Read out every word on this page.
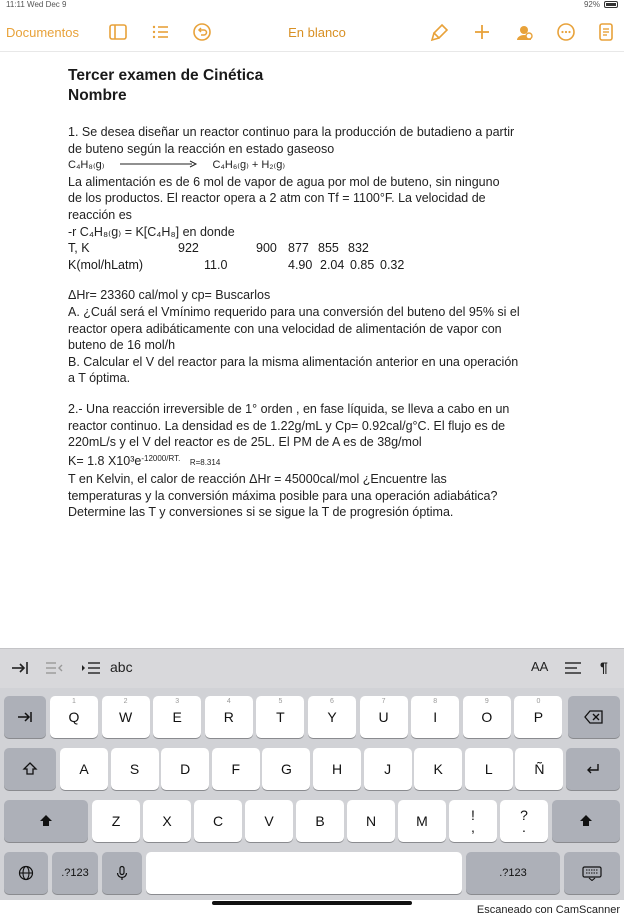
11:11 Wed Dec 9	92%
Documentos	En blanco
Tercer examen de Cinética
Nombre
1. Se desea diseñar un reactor continuo para la producción de butadieno a partir
de buteno según la reacción en estado gaseoso
C₄H₈₍g₎	C₄H₆₍g₎ + H₂₍g₎
La alimentación es de 6 mol de vapor de agua por mol de buteno, sin ninguno
de los productos. El reactor opera a 2 atm con Tf = 1100°F. La velocidad de
reacción es
-r C₄H₈₍g₎ = K[C₄H₈] en donde
T, K	922	900 877 855 832
K(mol/hLatm)	11.0	4.90 2.04 0.85 0.32
ΔHr= 23360 cal/mol y cp= Buscarlos
A. ¿Cuál será el Vmínimo requerido para una conversión del buteno del 95% si el
reactor opera adibáticamente con una velocidad de alimentación de vapor con
buteno de 16 mol/h
B. Calcular el V del reactor para la misma alimentación anterior en una operación
a T óptima.
2.- Una reacción irreversible de 1° orden , en fase líquida, se lleva a cabo en un
reactor continuo. La densidad es de 1.22g/mL y Cp= 0.92cal/g°C. El flujo es de
220mL/s y el V del reactor es de 25L. El PM de A es de 38g/mol
K= 1.8 $X10^3e^{-12000/RT.}$ R=8.314
T en Kelvin, el calor de reacción ΔHr = 45000cal/mol ¿Encuentre las
temperaturas y la conversión máxima posible para una operación adiabática?
Determine las T y conversiones si se sigue la T de progresión óptima.
abc	AA	¶
1
Q
2
W
3
E
4
R
5
T
6
Y
7
U
8
I
9
O
0
P
A	S	D	F	G	H	J	K	L	Ñ
Z	X	C	V	B	N	M	!
,
?
.
.?123	.?123
Escaneado con CamScanner
